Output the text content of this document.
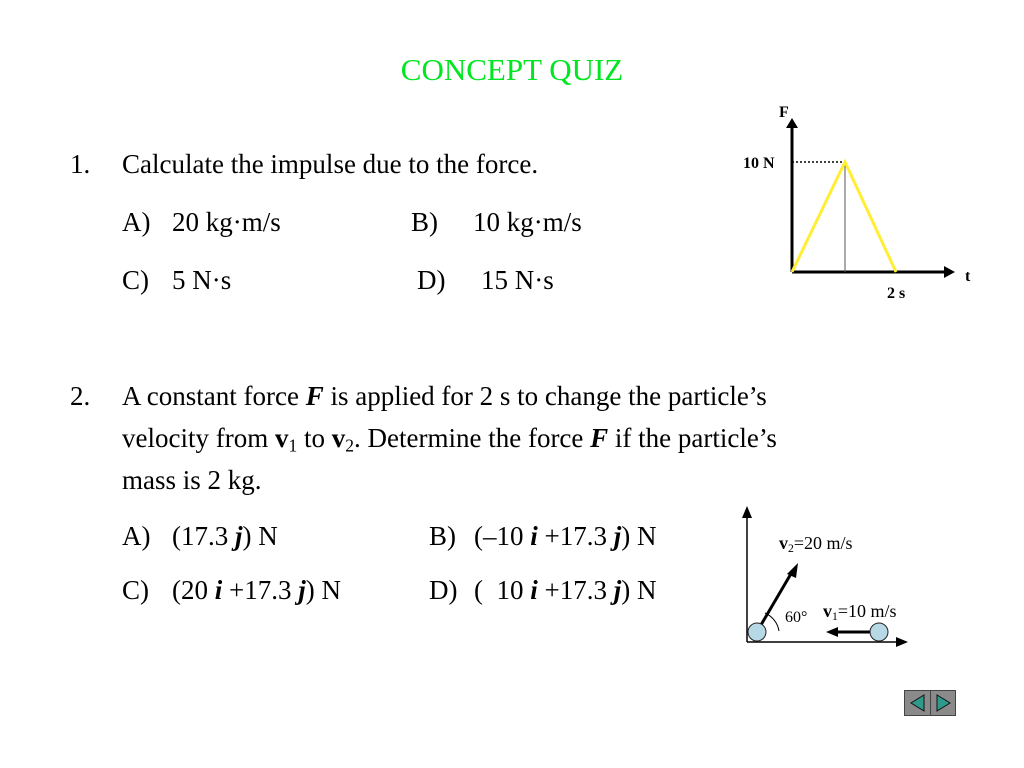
CONCEPT QUIZ
1. Calculate the impulse due to the force.
A) 20 kg·m/s	B) 10 kg·m/s
C) 5 N·s	D) 15 N·s
F
10 N
t
2 s
2. A constant force F is applied for 2 s to change the particle’s
velocity from $v_1$ to $v_2$. Determine the force F if the particle’s
mass is 2 kg.
A) (17.3 j) N	B) (–10 i +17.3 j) N
C) (20 i +17.3 j) N	D) (  10 i +17.3 j) N
$v_2=20$ m/s
$v_1=10$ m/s
60°
